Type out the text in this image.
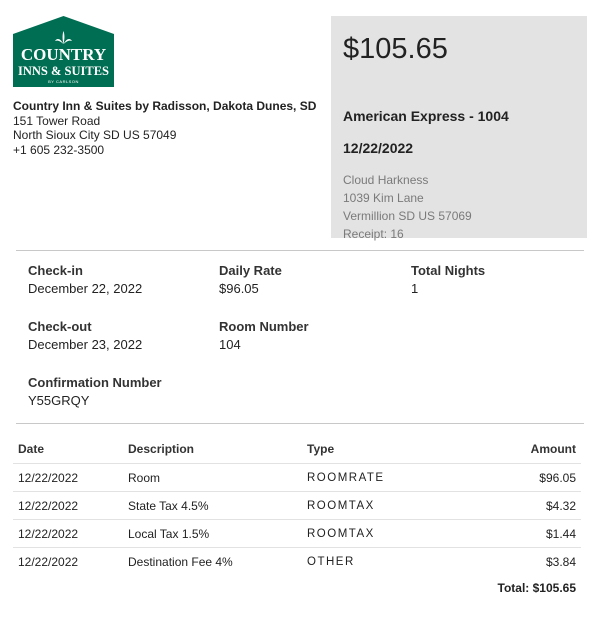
COUNTRY
INNS & SUITES
BY CARLSON
Country Inn & Suites by Radisson, Dakota Dunes, SD
151 Tower Road
North Sioux City SD US 57049
+1 605 232-3500
$105.65
American Express - 1004
12/22/2022
Cloud Harkness
1039 Kim Lane
Vermillion SD US 57069
Receipt: 16
Check-in
December 22, 2022
Daily Rate
$96.05
Total Nights
1
Check-out
December 23, 2022
Room Number
104
Confirmation Number
Y55GRQY
Date	Description	Type	Amount
12/22/2022	Room	ROOMRATE	$96.05
12/22/2022	State Tax 4.5%	ROOMTAX	$4.32
12/22/2022	Local Tax 1.5%	ROOMTAX	$1.44
12/22/2022	Destination Fee 4%	OTHER	$3.84
Total: $105.65
